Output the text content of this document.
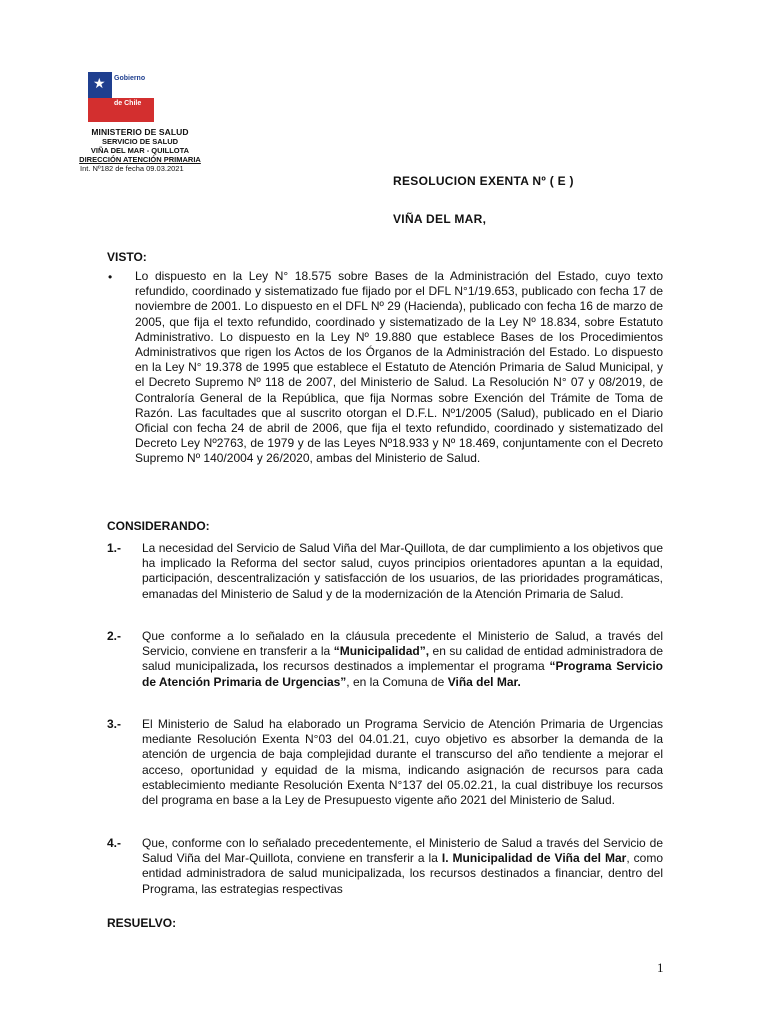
★ Gobierno
de Chile
MINISTERIO DE SALUD
SERVICIO DE SALUD
VIÑA DEL MAR - QUILLOTA
DIRECCIÓN ATENCIÓN PRIMARIA
Int. Nº182 de fecha 09.03.2021
RESOLUCION EXENTA Nº ( E )
VIÑA DEL MAR,
VISTO:
• Lo dispuesto en la Ley N° 18.575 sobre Bases de la Administración del Estado, cuyo texto refundido, coordinado y sistematizado fue fijado por el DFL N°1/19.653, publicado con fecha 17 de noviembre de 2001. Lo dispuesto en el DFL Nº 29 (Hacienda), publicado con fecha 16 de marzo de 2005, que fija el texto refundido, coordinado y sistematizado de la Ley Nº 18.834, sobre Estatuto Administrativo. Lo dispuesto en la Ley Nº 19.880 que establece Bases de los Procedimientos Administrativos que rigen los Actos de los Órganos de la Administración del Estado. Lo dispuesto en la Ley N° 19.378 de 1995 que establece el Estatuto de Atención Primaria de Salud Municipal, y el Decreto Supremo Nº 118 de 2007, del Ministerio de Salud. La Resolución N° 07 y 08/2019, de Contraloría General de la República, que fija Normas sobre Exención del Trámite de Toma de Razón. Las facultades que al suscrito otorgan el D.F.L. Nº1/2005 (Salud), publicado en el Diario Oficial con fecha 24 de abril de 2006, que fija el texto refundido, coordinado y sistematizado del Decreto Ley Nº2763, de 1979 y de las Leyes Nº18.933 y Nº 18.469, conjuntamente con el Decreto Supremo Nº 140/2004 y 26/2020, ambas del Ministerio de Salud.
CONSIDERANDO:
1.- La necesidad del Servicio de Salud Viña del Mar-Quillota, de dar cumplimiento a los objetivos que ha implicado la Reforma del sector salud, cuyos principios orientadores apuntan a la equidad, participación, descentralización y satisfacción de los usuarios, de las prioridades programáticas, emanadas del Ministerio de Salud y de la modernización de la Atención Primaria de Salud.
2.- Que conforme a lo señalado en la cláusula precedente el Ministerio de Salud, a través del Servicio, conviene en transferir a la “Municipalidad”, en su calidad de entidad administradora de salud municipalizada, los recursos destinados a implementar el programa “Programa Servicio de Atención Primaria de Urgencias”, en la Comuna de Viña del Mar.
3.- El Ministerio de Salud ha elaborado un Programa Servicio de Atención Primaria de Urgencias mediante Resolución Exenta N°03 del 04.01.21, cuyo objetivo es absorber la demanda de la atención de urgencia de baja complejidad durante el transcurso del año tendiente a mejorar el acceso, oportunidad y equidad de la misma, indicando asignación de recursos para cada establecimiento mediante Resolución Exenta N°137 del 05.02.21, la cual distribuye los recursos del programa en base a la Ley de Presupuesto vigente año 2021 del Ministerio de Salud.
4.- Que, conforme con lo señalado precedentemente, el Ministerio de Salud a través del Servicio de Salud Viña del Mar-Quillota, conviene en transferir a la I. Municipalidad de Viña del Mar, como entidad administradora de salud municipalizada, los recursos destinados a financiar, dentro del Programa, las estrategias respectivas
RESUELVO:
1
